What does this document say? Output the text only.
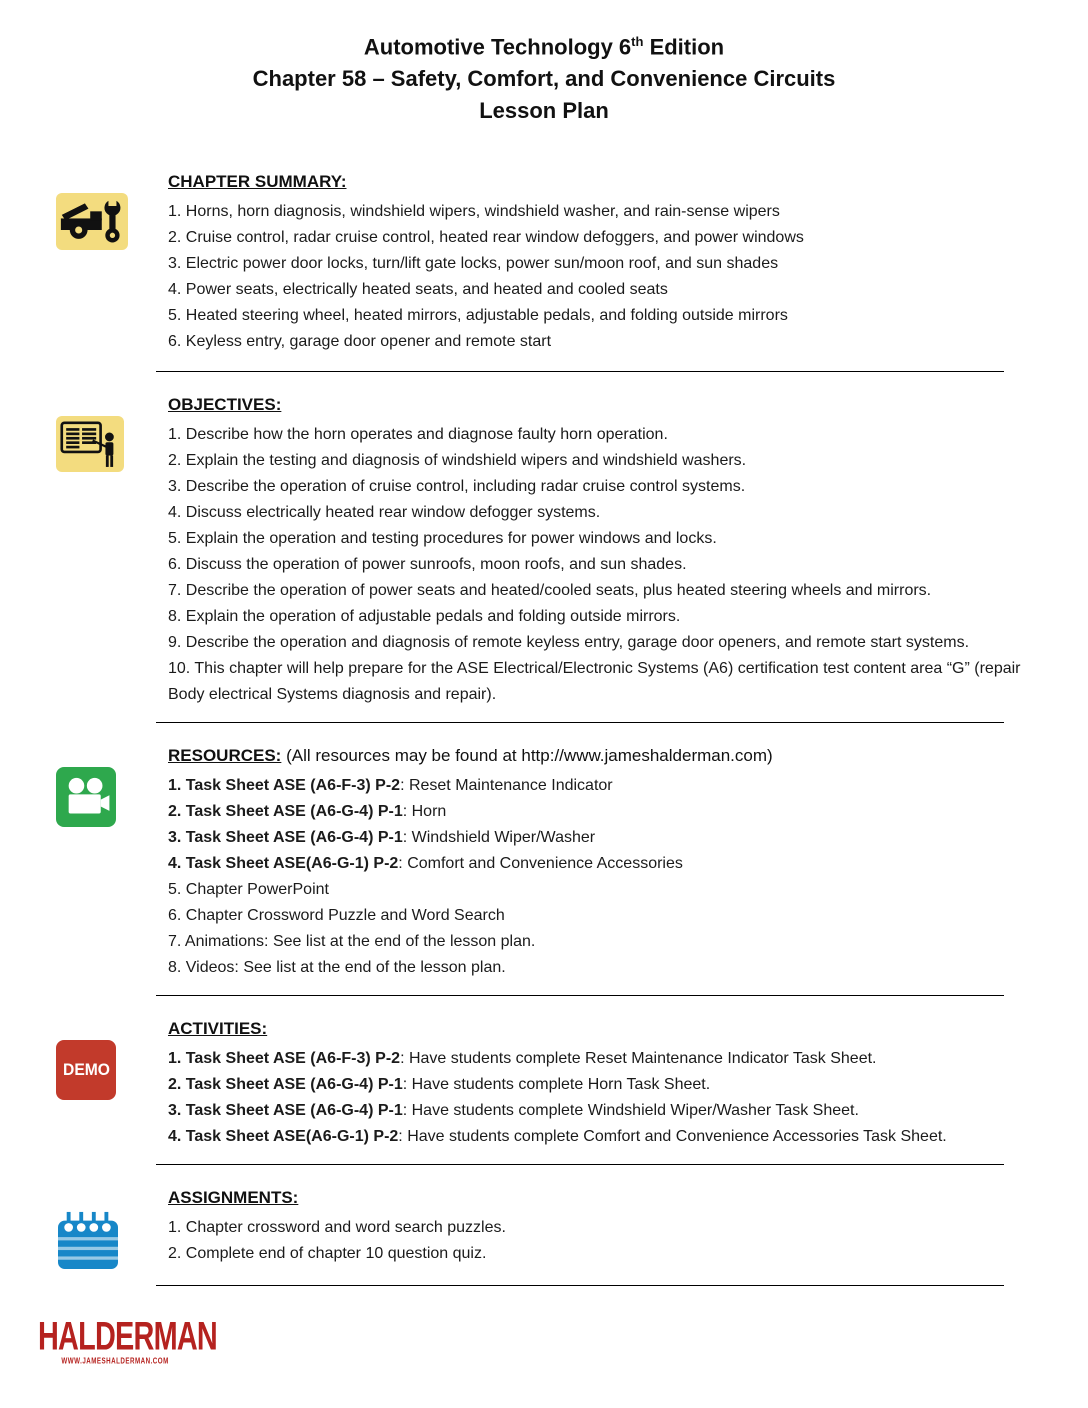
Automotive Technology 6th Edition
Chapter 58 – Safety, Comfort, and Convenience Circuits
Lesson Plan
CHAPTER SUMMARY:
1. Horns, horn diagnosis, windshield wipers, windshield washer, and rain-sense wipers
2. Cruise control, radar cruise control, heated rear window defoggers, and power windows
3. Electric power door locks, turn/lift gate locks, power sun/moon roof, and sun shades
4. Power seats, electrically heated seats, and heated and cooled seats
5. Heated steering wheel, heated mirrors, adjustable pedals, and folding outside mirrors
6. Keyless entry, garage door opener and remote start
OBJECTIVES:
1. Describe how the horn operates and diagnose faulty horn operation.
2. Explain the testing and diagnosis of windshield wipers and windshield washers.
3. Describe the operation of cruise control, including radar cruise control systems.
4. Discuss electrically heated rear window defogger systems.
5. Explain the operation and testing procedures for power windows and locks.
6. Discuss the operation of power sunroofs, moon roofs, and sun shades.
7. Describe the operation of power seats and heated/cooled seats, plus heated steering wheels and mirrors.
8. Explain the operation of adjustable pedals and folding outside mirrors.
9. Describe the operation and diagnosis of remote keyless entry, garage door openers, and remote start systems.
10. This chapter will help prepare for the ASE Electrical/Electronic Systems (A6) certification test content area “G” (repair Body electrical Systems diagnosis and repair).
RESOURCES: (All resources may be found at http://www.jameshalderman.com)
1. Task Sheet ASE (A6-F-3) P-2: Reset Maintenance Indicator
2. Task Sheet ASE (A6-G-4) P-1: Horn
3. Task Sheet ASE (A6-G-4) P-1: Windshield Wiper/Washer
4. Task Sheet ASE(A6-G-1) P-2: Comfort and Convenience Accessories
5. Chapter PowerPoint
6. Chapter Crossword Puzzle and Word Search
7. Animations: See list at the end of the lesson plan.
8. Videos: See list at the end of the lesson plan.
DEMO
ACTIVITIES:
1. Task Sheet ASE (A6-F-3) P-2: Have students complete Reset Maintenance Indicator Task Sheet.
2. Task Sheet ASE (A6-G-4) P-1: Have students complete Horn Task Sheet.
3. Task Sheet ASE (A6-G-4) P-1: Have students complete Windshield Wiper/Washer Task Sheet.
4. Task Sheet ASE(A6-G-1) P-2: Have students complete Comfort and Convenience Accessories Task Sheet.
ASSIGNMENTS:
1. Chapter crossword and word search puzzles.
2. Complete end of chapter 10 question quiz.
HALDERMAN
WWW.JAMESHALDERMAN.COM
